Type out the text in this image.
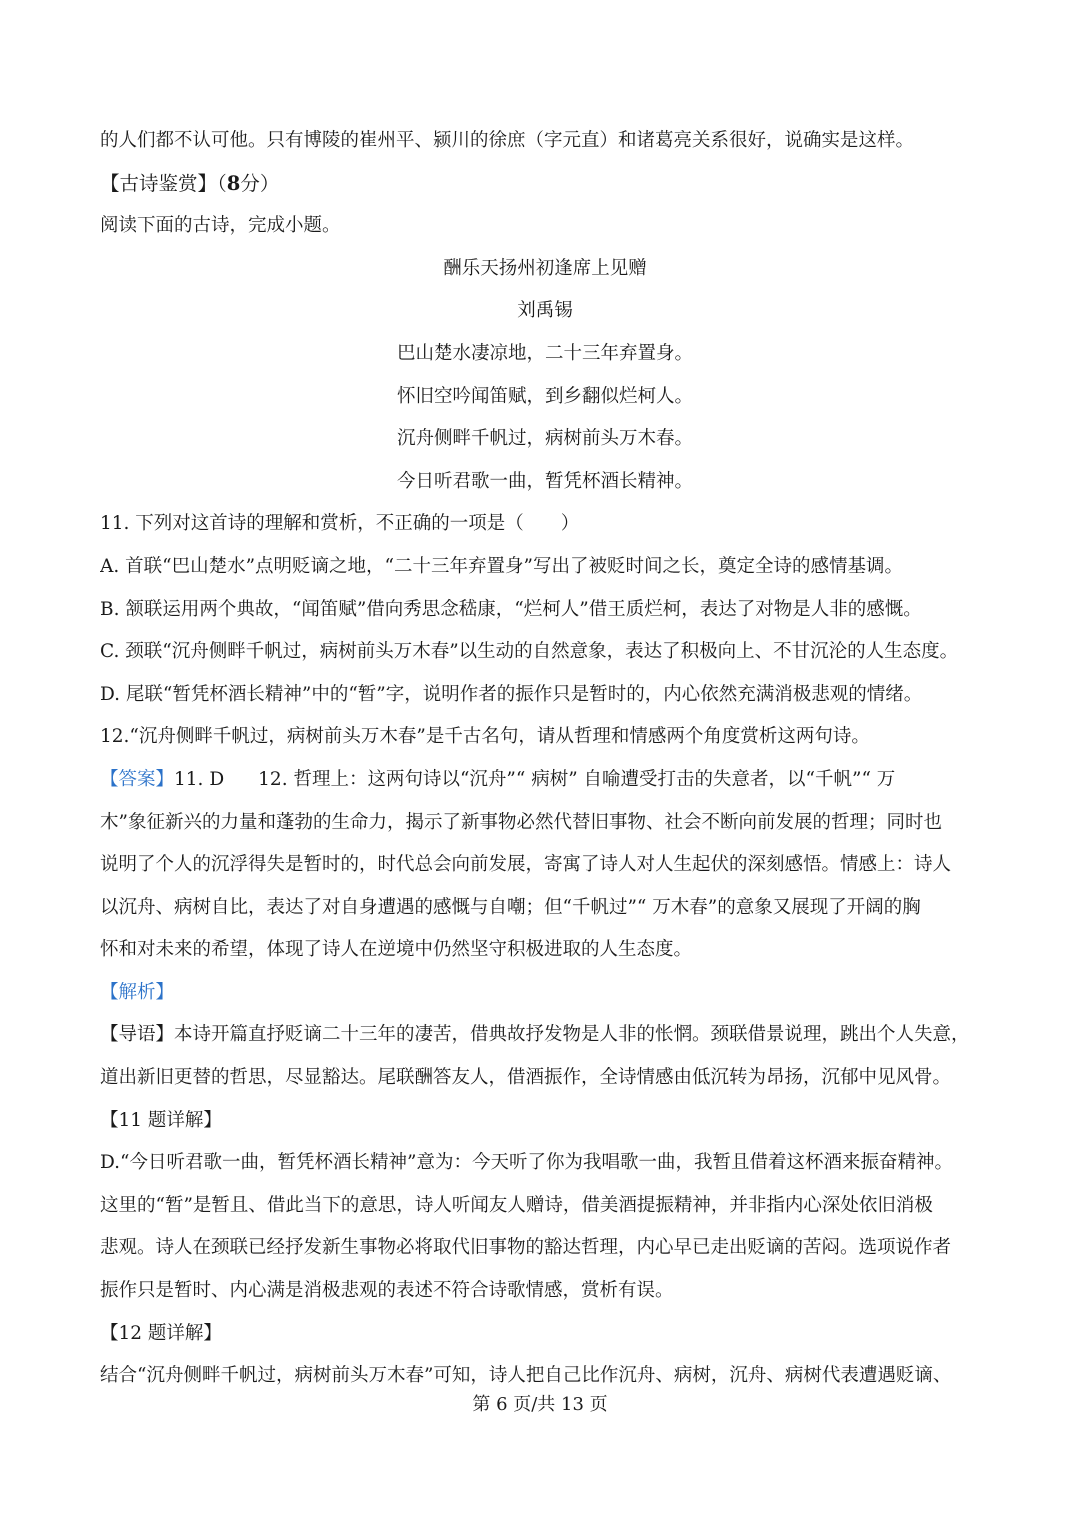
的人们都不认可他。只有博陵的崔州平、颍川的徐庶（字元直）和诸葛亮关系很好，说确实是这样。
【古诗鉴赏】（8分）
阅读下面的古诗，完成小题。
酬乐天扬州初逢席上见赠
刘禹锡
巴山楚水凄凉地，二十三年弃置身。
怀旧空吟闻笛赋，到乡翻似烂柯人。
沉舟侧畔千帆过，病树前头万木春。
今日听君歌一曲，暂凭杯酒长精神。
11. 下列对这首诗的理解和赏析，不正确的一项是（　　）
A. 首联“巴山楚水”点明贬谪之地，“二十三年弃置身”写出了被贬时间之长，奠定全诗的感情基调。
B. 颔联运用两个典故，“闻笛赋”借向秀思念嵇康，“烂柯人”借王质烂柯，表达了对物是人非的感慨。
C. 颈联“沉舟侧畔千帆过，病树前头万木春”以生动的自然意象，表达了积极向上、不甘沉沦的人生态度。
D. 尾联“暂凭杯酒长精神”中的“暂”字，说明作者的振作只是暂时的，内心依然充满消极悲观的情绪。
12.“沉舟侧畔千帆过，病树前头万木春”是千古名句，请从哲理和情感两个角度赏析这两句诗。
【答案】11. D 12. 哲理上：这两句诗以“沉舟”“ 病树” 自喻遭受打击的失意者，以“千帆”“ 万
木”象征新兴的力量和蓬勃的生命力，揭示了新事物必然代替旧事物、社会不断向前发展的哲理；同时也
说明了个人的沉浮得失是暂时的，时代总会向前发展，寄寓了诗人对人生起伏的深刻感悟。情感上：诗人
以沉舟、病树自比，表达了对自身遭遇的感慨与自嘲；但“千帆过”“ 万木春”的意象又展现了开阔的胸
怀和对未来的希望，体现了诗人在逆境中仍然坚守积极进取的人生态度。
【解析】
【导语】本诗开篇直抒贬谪二十三年的凄苦，借典故抒发物是人非的怅惘。颈联借景说理，跳出个人失意，
道出新旧更替的哲思，尽显豁达。尾联酬答友人，借酒振作，全诗情感由低沉转为昂扬，沉郁中见风骨。
【11 题详解】
D.“今日听君歌一曲，暂凭杯酒长精神”意为：今天听了你为我唱歌一曲，我暂且借着这杯酒来振奋精神。
这里的“暂”是暂且、借此当下的意思，诗人听闻友人赠诗，借美酒提振精神，并非指内心深处依旧消极
悲观。诗人在颈联已经抒发新生事物必将取代旧事物的豁达哲理，内心早已走出贬谪的苦闷。选项说作者
振作只是暂时、内心满是消极悲观的表述不符合诗歌情感，赏析有误。
【12 题详解】
结合“沉舟侧畔千帆过，病树前头万木春”可知，诗人把自己比作沉舟、病树，沉舟、病树代表遭遇贬谪、
第 6 页/共 13 页
